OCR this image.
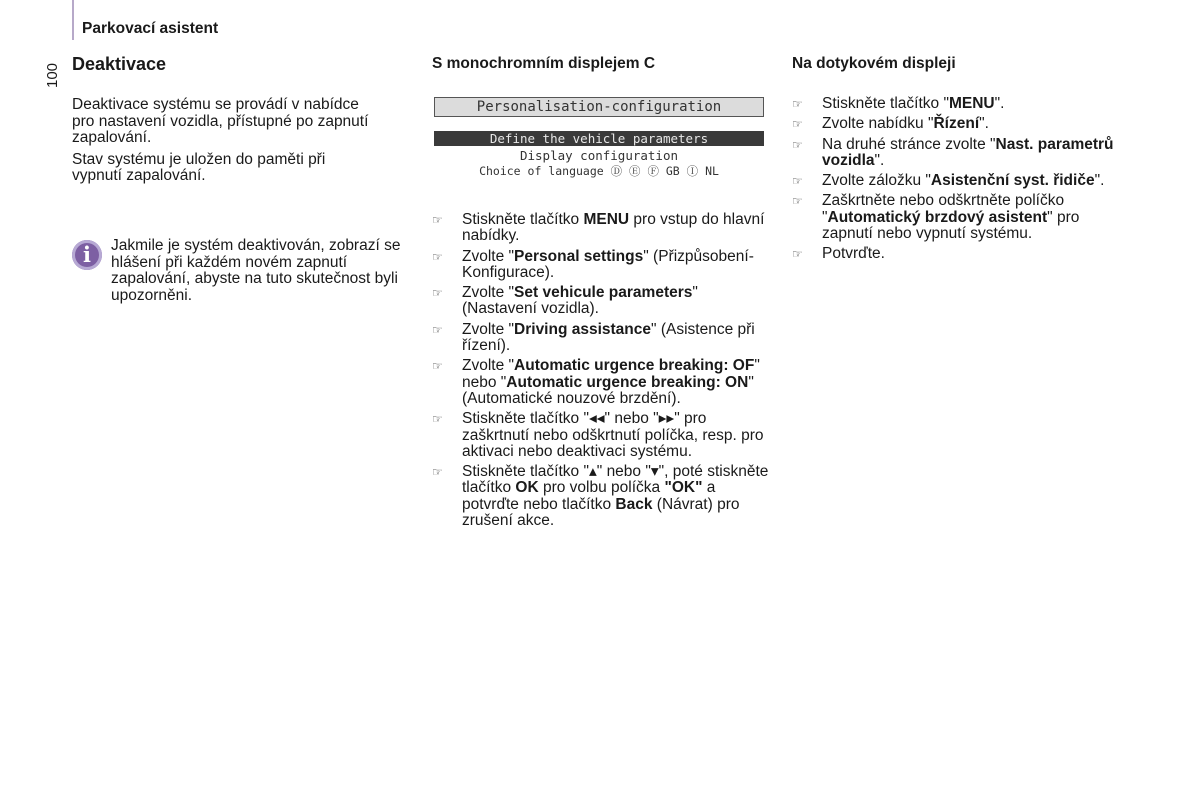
Parkovací asistent
100 Deaktivace

Deaktivace systému se provádí v nabídce pro nastavení vozidla, přístupné po zapnutí zapalování.

Stav systému je uložen do paměti při vypnutí zapalování.

i	Jakmile je systém deaktivován, zobrazí se hlášení při každém novém zapnutí zapalování, abyste na tuto skutečnost byli upozorněni.
S monochromním displejem C
Personalisation-configuration
Define the vehicle parameters
Display configuration
Choice of language Ⓓ Ⓔ Ⓕ GB Ⓘ NL
☞ Stiskněte tlačítko MENU pro vstup do hlavní nabídky.
☞ Zvolte "Personal settings" (Přizpůsobení-Konfigurace).
☞ Zvolte "Set vehicule parameters" (Nastavení vozidla).
☞ Zvolte "Driving assistance" (Asistence při řízení).
☞ Zvolte "Automatic urgence breaking: OF" nebo "Automatic urgence breaking: ON" (Automatické nouzové brzdění).
☞ Stiskněte tlačítko "◂◂" nebo "▸▸" pro zaškrtnutí nebo odškrtnutí políčka, resp. pro aktivaci nebo deaktivaci systému.
☞ Stiskněte tlačítko "▴" nebo "▾", poté stiskněte tlačítko OK pro volbu políčka "OK" a potvrďte nebo tlačítko Back (Návrat) pro zrušení akce.
Na dotykovém displeji
☞ Stiskněte tlačítko "MENU".
☞ Zvolte nabídku "Řízení".
☞ Na druhé stránce zvolte "Nast. parametrů vozidla".
☞ Zvolte záložku "Asistenční syst. řidiče".
☞ Zaškrtněte nebo odškrtněte políčko "Automatický brzdový asistent" pro zapnutí nebo vypnutí systému.
☞ Potvrďte.
